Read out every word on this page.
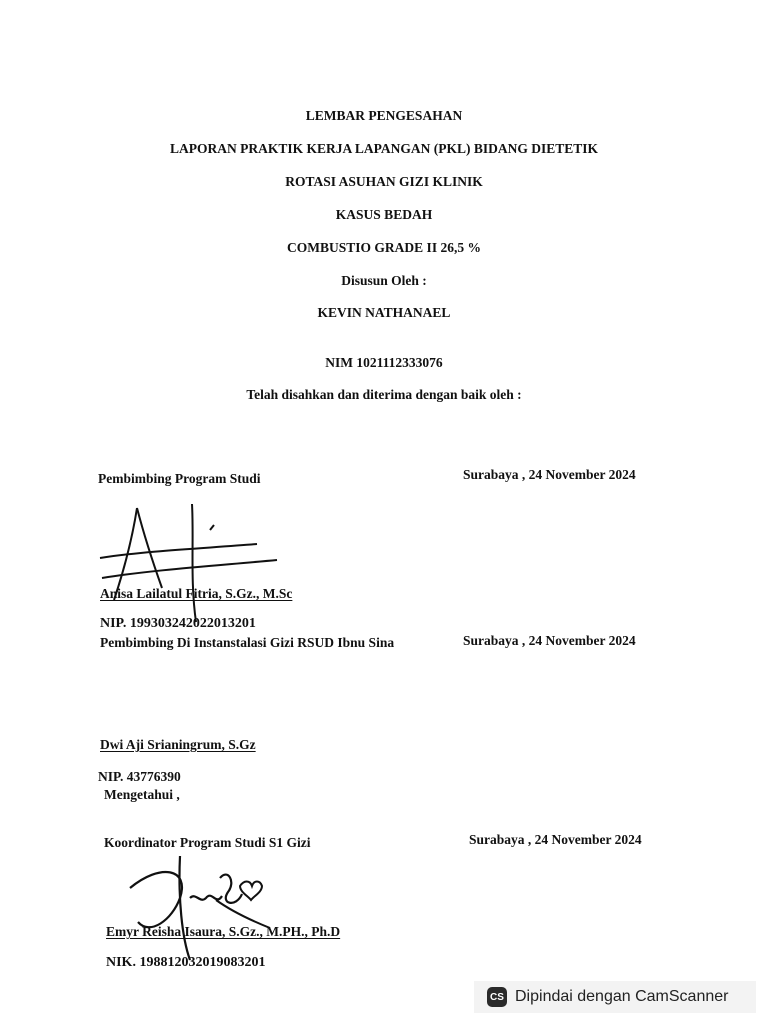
LEMBAR PENGESAHAN
LAPORAN PRAKTIK KERJA LAPANGAN (PKL) BIDANG DIETETIK
ROTASI ASUHAN GIZI KLINIK
KASUS BEDAH
COMBUSTIO GRADE II 26,5 %
Disusun Oleh :
KEVIN NATHANAEL
NIM 1021112333076
Telah disahkan dan diterima dengan baik oleh :
Pembimbing Program Studi	Surabaya , 24 November 2024
Anisa Lailatul Fitria, S.Gz., M.Sc
NIP. 199303242022013201
Pembimbing Di Instanstalasi Gizi RSUD Ibnu Sina	Surabaya , 24 November 2024
Dwi Aji Srianingrum, S.Gz
NIP. 43776390
Mengetahui ,
Koordinator Program Studi S1 Gizi	Surabaya , 24 November 2024
Emyr Reisha Isaura, S.Gz., M.PH., Ph.D
NIK. 198812032019083201
CS Dipindai dengan CamScanner
